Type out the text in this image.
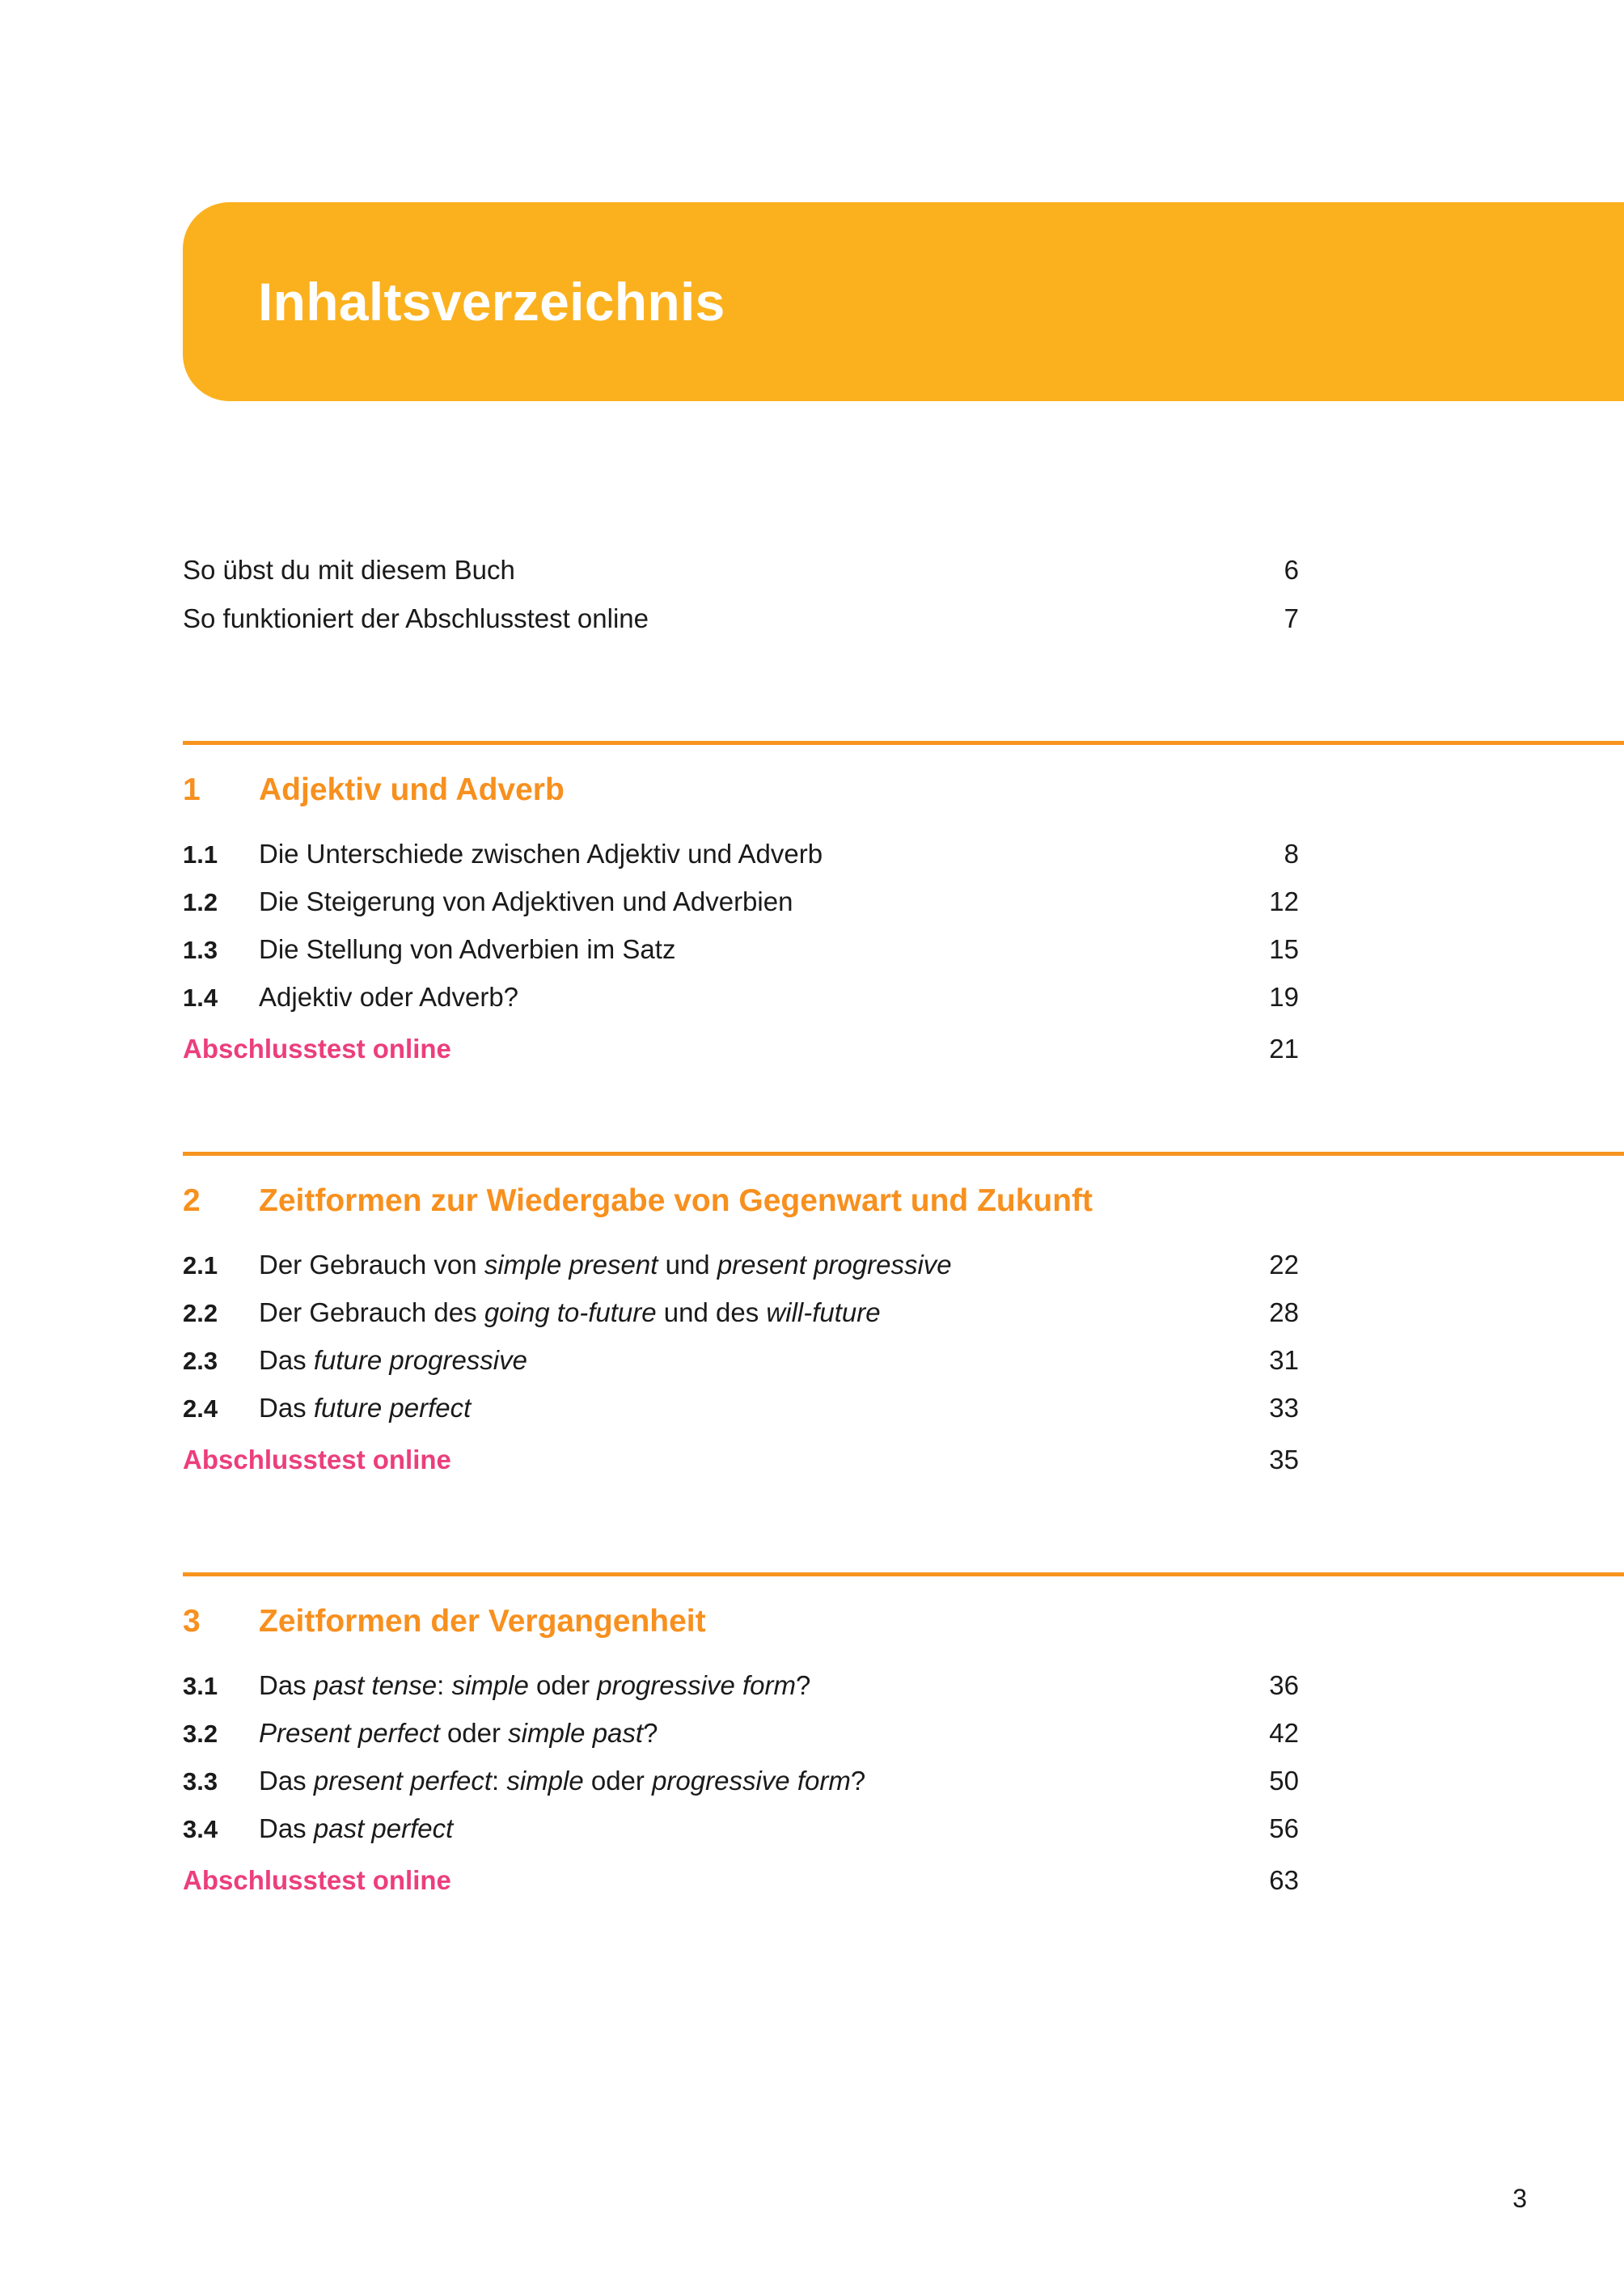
Inhaltsverzeichnis
So übst du mit diesem Buch	6
So funktioniert der Abschlusstest online	7
1	Adjektiv und Adverb
1.1	Die Unterschiede zwischen Adjektiv und Adverb	8
1.2	Die Steigerung von Adjektiven und Adverbien	12
1.3	Die Stellung von Adverbien im Satz	15
1.4	Adjektiv oder Adverb?	19
Abschlusstest online	21
2	Zeitformen zur Wiedergabe von Gegenwart und Zukunft
2.1	Der Gebrauch von simple present und present progressive	22
2.2	Der Gebrauch des going to-future und des will-future	28
2.3	Das future progressive	31
2.4	Das future perfect	33
Abschlusstest online	35
3	Zeitformen der Vergangenheit
3.1	Das past tense: simple oder progressive form?	36
3.2	Present perfect oder simple past?	42
3.3	Das present perfect: simple oder progressive form?	50
3.4	Das past perfect	56
Abschlusstest online	63
3
